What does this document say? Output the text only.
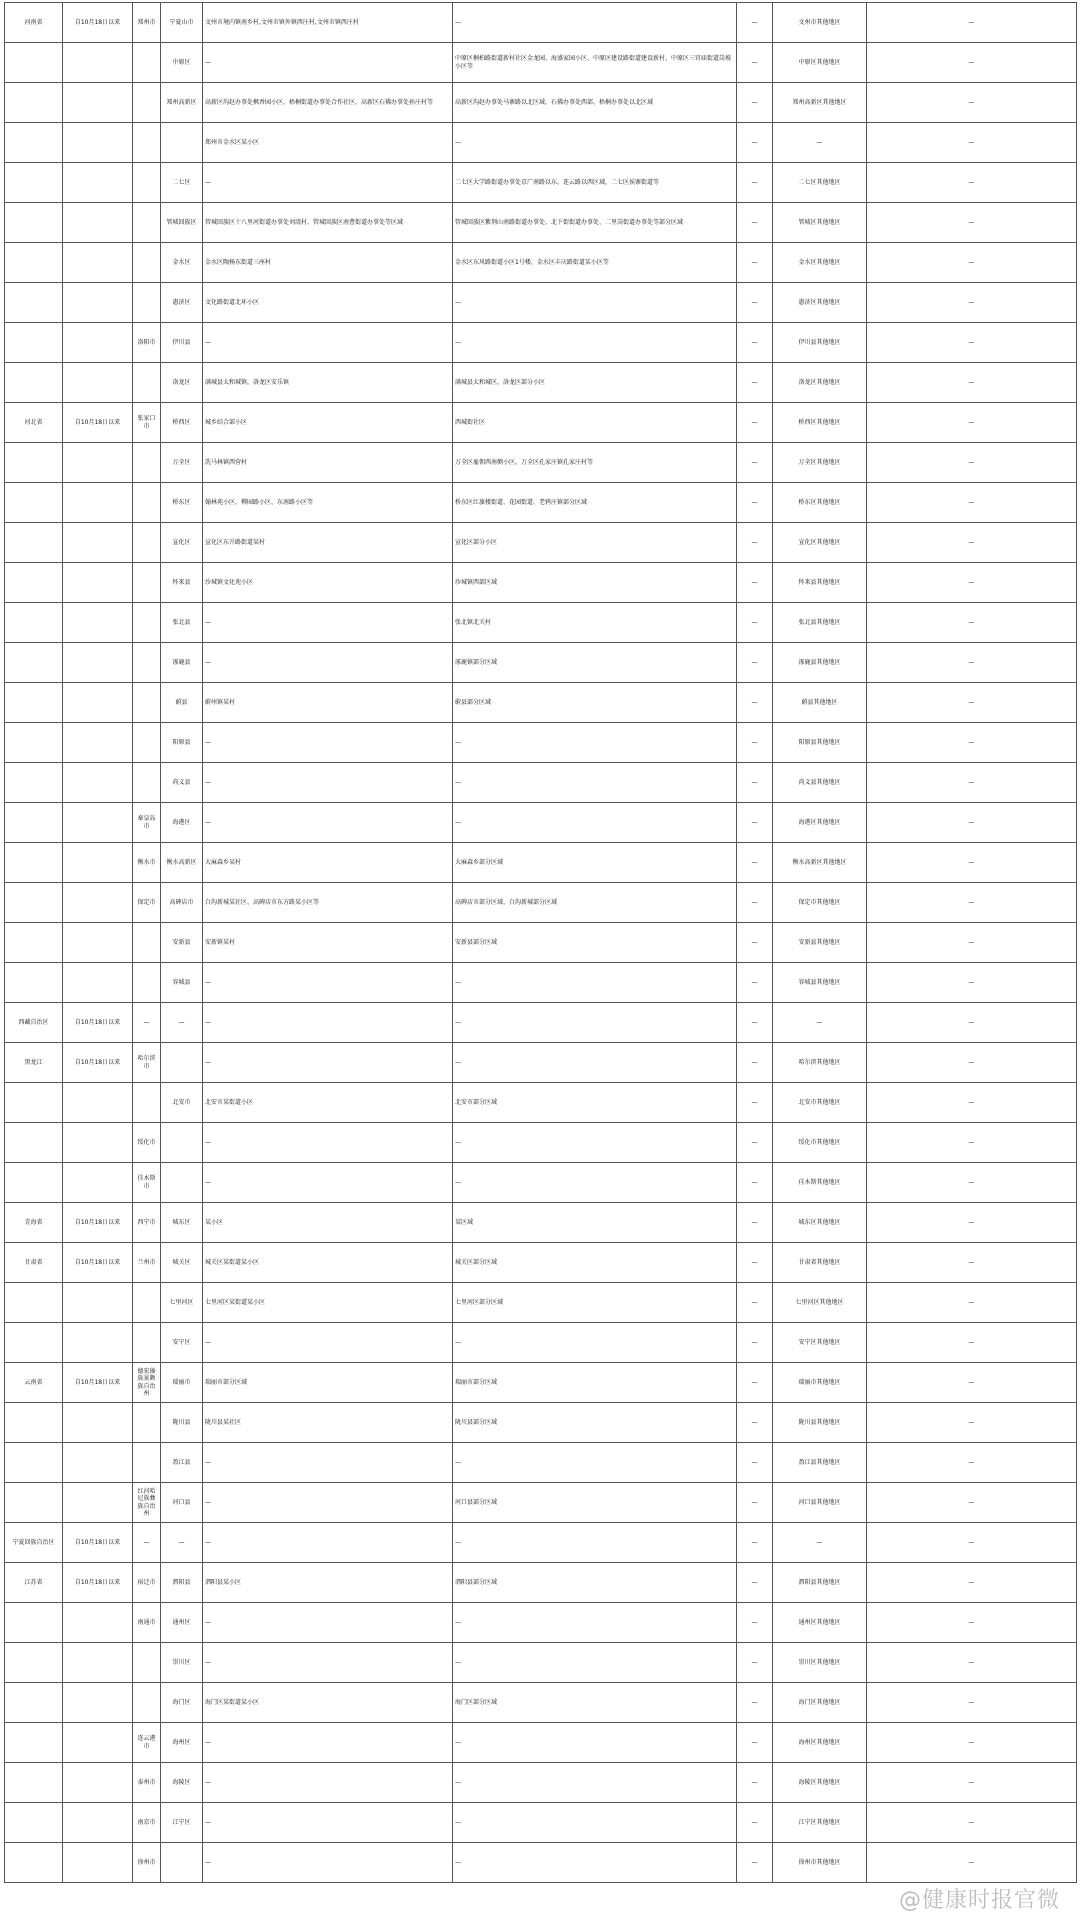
河南省	自10月18日以来	郑州市	宁夏山市	文州市境内镇南乡村,文州市镇外镇西庄村,文州市镇西庄村	—	—	文州市其他地区	—
			中原区	—	中原区桐柏路街道新村社区金龙园、海盛家园小区、中原区建设路街道建设新村、中原区三官庙街道岗坡小区等	—	中原区其他地区	—
			郑州高新区	高新区沟赵办事处枫香园小区、梧桐街道办事处合作社区、高新区石佛办事处孙庄村等	高新区沟赵办事处马寨路以北区域、石佛办事处西部、梧桐办事处以北区域	—	郑州高新区其他地区	—
				郑州市金水区某小区	—	—	—	—
			二七区	—	二七区大学路街道办事处京广南路以东、连云路以西区域，二七区侯寨街道等	—	二七区其他地区	—
			管城回族区	管城回族区十八里河街道办事处刘湾村、管城回族区南曹街道办事处等区域	管城回族区紫荆山南路街道办事处、北下街街道办事处、二里岗街道办事处等部分区域	—	管城区其他地区	—
			金水区	金水区陶杨东街道三座村	金水区东风路街道小区1号楼、金水区丰庆路街道某小区等	—	金水区其他地区	—
			惠济区	文化路街道北环小区	—	—	惠济区其他地区	—
		洛阳市	伊川县	—	—	—	伊川县其他地区	—
			洛龙区	满城县太和城镇，洛龙区安乐镇	满城县太和城区，洛龙区部分小区	—	洛龙区其他地区	—
河北省	自10月18日以来	张家口市	桥西区	城乡结合部小区	西城街社区	—	桥西区其他地区	—
			万全区	洗马林镇西营村	万全区雇佣西南侧小区，万全区孔家庄镇孔家庄村等	—	万全区其他地区	—
			桥东区	翰林苑小区、柳园路小区、东南路小区等	桥东区红旗楼街道、花园街道、老鸦庄镇部分区域	—	桥东区其他地区	—
			宣化区	宣化区东升路街道某村	宣化区部分小区	—	宣化区其他地区	—
			怀来县	沙城镇文化苑小区	沙城镇西部区域	—	怀来县其他地区	—
			张北县	—	张北镇北关村	—	张北县其他地区	—
			涿鹿县	—	涿鹿镇部分区域	—	涿鹿县其他地区	—
			蔚县	蔚州镇某村	蔚县部分区域	—	蔚县其他地区	—
			阳原县	—	—	—	阳原县其他地区	—
			尚义县	—	—	—	尚义县其他地区	—
		秦皇岛市	海港区	—	—	—	海港区其他地区	—
		衡水市	衡水高新区	大麻森乡某村	大麻森乡部分区域	—	衡水高新区其他地区	—
		保定市	高碑店市	白沟新城某社区、高碑店市东方路某小区等	高碑店市部分区域、白沟新城部分区域	—	保定市其他地区	—
			安新县	安新镇某村	安新县部分区域	—	安新县其他地区	—
			容城县	—	—	—	容城县其他地区	—
西藏自治区	自10月18日以来	—	—	—	—	—	—	—
黑龙江	自10月18日以来	哈尔滨市		—	—	—	哈尔滨其他地区	—
			北安市	北安市某街道小区	北安市部分区域	—	北安市其他地区	—
		绥化市		—	—	—	绥化市其他地区	—
		佳木斯市		—	—	—	佳木斯其他地区	—
青海省	自10月18日以来	西宁市	城东区	某小区	某区域	—	城东区其他地区	—
甘肃省	自10月18日以来	兰州市	城关区	城关区某街道某小区	城关区部分区域	—	甘肃省其他地区	—
			七里河区	七里河区某街道某小区	七里河区部分区域	—	七里河区其他地区	—
			安宁区	—	—	—	安宁区其他地区	—
云南省	自10月18日以来	德宏傣族景颇族自治州	瑞丽市	瑞丽市部分区域	瑞丽市部分区域	—	瑞丽市其他地区	—
			陇川县	陇川县某社区	陇川县部分区域	—	陇川县其他地区	—
			盈江县	—	—	—	盈江县其他地区	—
		红河哈尼族彝族自治州	河口县	—	河口县部分区域	—	河口县其他地区	—
宁夏回族自治区	自10月18日以来	—	—	—	—	—	—	—
江苏省	自10月18日以来	宿迁市	泗阳县	泗阳县某小区	泗阳县部分区域	—	泗阳县其他地区	—
		南通市	通州区	—	—	—	通州区其他地区	—
			崇川区	—	—	—	崇川区其他地区	—
			海门区	海门区某街道某小区	海门区部分区域	—	海门区其他地区	—
		连云港市	海州区	—	—	—	海州区其他地区	—
		泰州市	海陵区	—	—	—	海陵区其他地区	—
		南京市	江宁区	—	—	—	江宁区其他地区	—
		徐州市		—	—	—	徐州市其他地区	—
@健康时报官微
